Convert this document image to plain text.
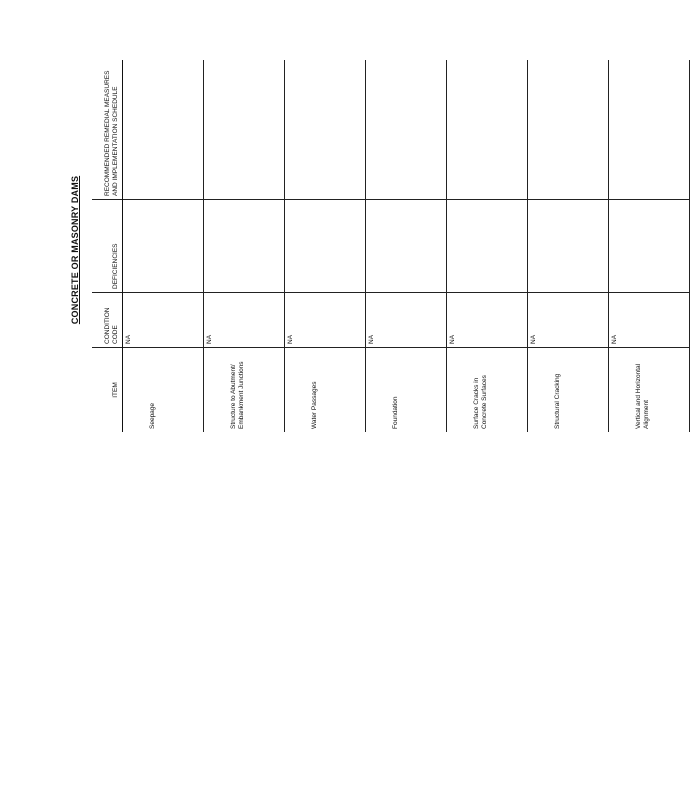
CONCRETE OR MASONRY DAMS
ITEM	CONDITION CODE	DEFICIENCIES	RECOMMENDED REMEDIAL MEASURES AND IMPLEMENTATION SCHEDULE
Seepage	NA		
Structure to Abutment/ Embankment Junctions	NA		
Water Passages	NA		
Foundation	NA		
Surface Cracks in Concrete Surfaces	NA		
Structural Cracking	NA		
Vertical and Horizontal Alignment	NA		
